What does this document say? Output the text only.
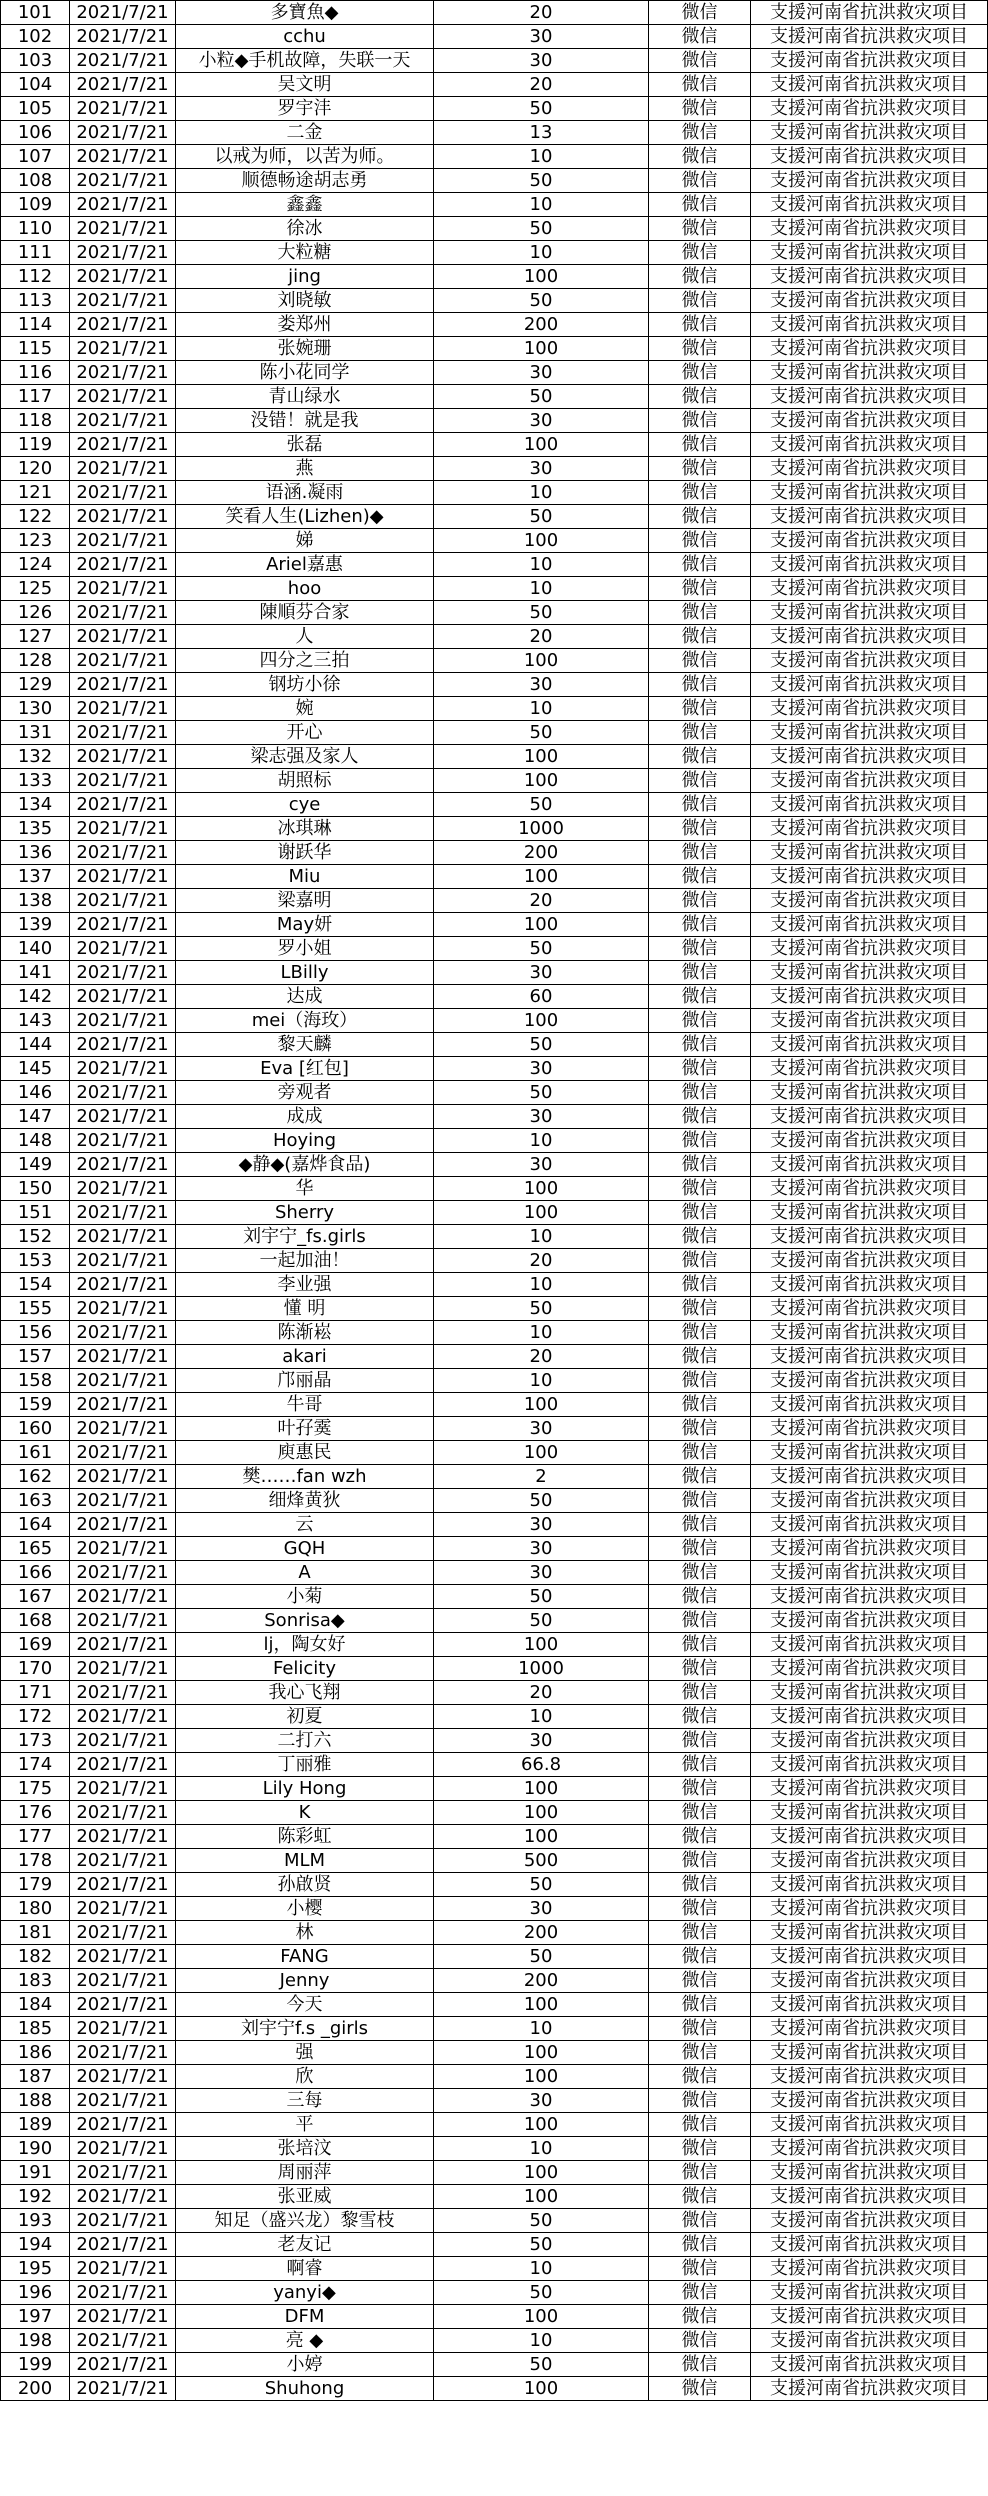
101	2021/7/21	多寶魚◆	20	微信	支援河南省抗洪救灾项目
102	2021/7/21	cchu	30	微信	支援河南省抗洪救灾项目
103	2021/7/21	小粒◆手机故障，失联一天	30	微信	支援河南省抗洪救灾项目
104	2021/7/21	吴文明	20	微信	支援河南省抗洪救灾项目
105	2021/7/21	罗宇沣	50	微信	支援河南省抗洪救灾项目
106	2021/7/21	二金	13	微信	支援河南省抗洪救灾项目
107	2021/7/21	以戒为师，以苦为师。	10	微信	支援河南省抗洪救灾项目
108	2021/7/21	顺德畅途胡志勇	50	微信	支援河南省抗洪救灾项目
109	2021/7/21	鑫鑫	10	微信	支援河南省抗洪救灾项目
110	2021/7/21	徐冰	50	微信	支援河南省抗洪救灾项目
111	2021/7/21	大粒糖	10	微信	支援河南省抗洪救灾项目
112	2021/7/21	jing	100	微信	支援河南省抗洪救灾项目
113	2021/7/21	刘晓敏	50	微信	支援河南省抗洪救灾项目
114	2021/7/21	娄郑州	200	微信	支援河南省抗洪救灾项目
115	2021/7/21	张婉珊	100	微信	支援河南省抗洪救灾项目
116	2021/7/21	陈小花同学	30	微信	支援河南省抗洪救灾项目
117	2021/7/21	青山绿水	50	微信	支援河南省抗洪救灾项目
118	2021/7/21	没错！就是我	30	微信	支援河南省抗洪救灾项目
119	2021/7/21	张磊	100	微信	支援河南省抗洪救灾项目
120	2021/7/21	燕	30	微信	支援河南省抗洪救灾项目
121	2021/7/21	语涵.凝雨	10	微信	支援河南省抗洪救灾项目
122	2021/7/21	笑看人生(Lizhen)◆	50	微信	支援河南省抗洪救灾项目
123	2021/7/21	娣	100	微信	支援河南省抗洪救灾项目
124	2021/7/21	Ariel嘉惠	10	微信	支援河南省抗洪救灾项目
125	2021/7/21	hoo	10	微信	支援河南省抗洪救灾项目
126	2021/7/21	陳順芬合家	50	微信	支援河南省抗洪救灾项目
127	2021/7/21	人	20	微信	支援河南省抗洪救灾项目
128	2021/7/21	四分之三拍	100	微信	支援河南省抗洪救灾项目
129	2021/7/21	钢坊小徐	30	微信	支援河南省抗洪救灾项目
130	2021/7/21	婉	10	微信	支援河南省抗洪救灾项目
131	2021/7/21	开心	50	微信	支援河南省抗洪救灾项目
132	2021/7/21	梁志强及家人	100	微信	支援河南省抗洪救灾项目
133	2021/7/21	胡照标	100	微信	支援河南省抗洪救灾项目
134	2021/7/21	cye	50	微信	支援河南省抗洪救灾项目
135	2021/7/21	冰琪琳	1000	微信	支援河南省抗洪救灾项目
136	2021/7/21	谢跃华	200	微信	支援河南省抗洪救灾项目
137	2021/7/21	Miu	100	微信	支援河南省抗洪救灾项目
138	2021/7/21	梁嘉明	20	微信	支援河南省抗洪救灾项目
139	2021/7/21	May妍	100	微信	支援河南省抗洪救灾项目
140	2021/7/21	罗小姐	50	微信	支援河南省抗洪救灾项目
141	2021/7/21	LBilly	30	微信	支援河南省抗洪救灾项目
142	2021/7/21	达成	60	微信	支援河南省抗洪救灾项目
143	2021/7/21	mei（海玫）	100	微信	支援河南省抗洪救灾项目
144	2021/7/21	黎天麟	50	微信	支援河南省抗洪救灾项目
145	2021/7/21	Eva [红包]	30	微信	支援河南省抗洪救灾项目
146	2021/7/21	旁观者	50	微信	支援河南省抗洪救灾项目
147	2021/7/21	成成	30	微信	支援河南省抗洪救灾项目
148	2021/7/21	Hoying	10	微信	支援河南省抗洪救灾项目
149	2021/7/21	◆静◆(嘉烨食品)	30	微信	支援河南省抗洪救灾项目
150	2021/7/21	华	100	微信	支援河南省抗洪救灾项目
151	2021/7/21	Sherry	100	微信	支援河南省抗洪救灾项目
152	2021/7/21	刘宇宁_fs.girls	10	微信	支援河南省抗洪救灾项目
153	2021/7/21	一起加油！	20	微信	支援河南省抗洪救灾项目
154	2021/7/21	李业强	10	微信	支援河南省抗洪救灾项目
155	2021/7/21	懂 明	50	微信	支援河南省抗洪救灾项目
156	2021/7/21	陈渐崧	10	微信	支援河南省抗洪救灾项目
157	2021/7/21	akari	20	微信	支援河南省抗洪救灾项目
158	2021/7/21	邝丽晶	10	微信	支援河南省抗洪救灾项目
159	2021/7/21	牛哥	100	微信	支援河南省抗洪救灾项目
160	2021/7/21	叶孖霙	30	微信	支援河南省抗洪救灾项目
161	2021/7/21	庾惠民	100	微信	支援河南省抗洪救灾项目
162	2021/7/21	樊……fan wzh	2	微信	支援河南省抗洪救灾项目
163	2021/7/21	细烽黄狄	50	微信	支援河南省抗洪救灾项目
164	2021/7/21	云	30	微信	支援河南省抗洪救灾项目
165	2021/7/21	GQH	30	微信	支援河南省抗洪救灾项目
166	2021/7/21	A	30	微信	支援河南省抗洪救灾项目
167	2021/7/21	小菊	50	微信	支援河南省抗洪救灾项目
168	2021/7/21	Sonrisa◆	50	微信	支援河南省抗洪救灾项目
169	2021/7/21	lj，陶女好	100	微信	支援河南省抗洪救灾项目
170	2021/7/21	Felicity	1000	微信	支援河南省抗洪救灾项目
171	2021/7/21	我心飞翔	20	微信	支援河南省抗洪救灾项目
172	2021/7/21	初夏	10	微信	支援河南省抗洪救灾项目
173	2021/7/21	二打六	30	微信	支援河南省抗洪救灾项目
174	2021/7/21	丁丽雅	66.8	微信	支援河南省抗洪救灾项目
175	2021/7/21	Lily Hong	100	微信	支援河南省抗洪救灾项目
176	2021/7/21	K	100	微信	支援河南省抗洪救灾项目
177	2021/7/21	陈彩虹	100	微信	支援河南省抗洪救灾项目
178	2021/7/21	MLM	500	微信	支援河南省抗洪救灾项目
179	2021/7/21	孙啟贤	50	微信	支援河南省抗洪救灾项目
180	2021/7/21	小樱	30	微信	支援河南省抗洪救灾项目
181	2021/7/21	林	200	微信	支援河南省抗洪救灾项目
182	2021/7/21	FANG	50	微信	支援河南省抗洪救灾项目
183	2021/7/21	Jenny	200	微信	支援河南省抗洪救灾项目
184	2021/7/21	今天	100	微信	支援河南省抗洪救灾项目
185	2021/7/21	刘宇宁f.s _girls	10	微信	支援河南省抗洪救灾项目
186	2021/7/21	强	100	微信	支援河南省抗洪救灾项目
187	2021/7/21	欣	100	微信	支援河南省抗洪救灾项目
188	2021/7/21	三每	30	微信	支援河南省抗洪救灾项目
189	2021/7/21	平	100	微信	支援河南省抗洪救灾项目
190	2021/7/21	张培汶	10	微信	支援河南省抗洪救灾项目
191	2021/7/21	周丽萍	100	微信	支援河南省抗洪救灾项目
192	2021/7/21	张亚威	100	微信	支援河南省抗洪救灾项目
193	2021/7/21	知足（盛兴龙）黎雪枝	50	微信	支援河南省抗洪救灾项目
194	2021/7/21	老友记	50	微信	支援河南省抗洪救灾项目
195	2021/7/21	啊睿	10	微信	支援河南省抗洪救灾项目
196	2021/7/21	yanyi◆	50	微信	支援河南省抗洪救灾项目
197	2021/7/21	DFM	100	微信	支援河南省抗洪救灾项目
198	2021/7/21	亮 ◆	10	微信	支援河南省抗洪救灾项目
199	2021/7/21	小婷	50	微信	支援河南省抗洪救灾项目
200	2021/7/21	Shuhong	100	微信	支援河南省抗洪救灾项目
